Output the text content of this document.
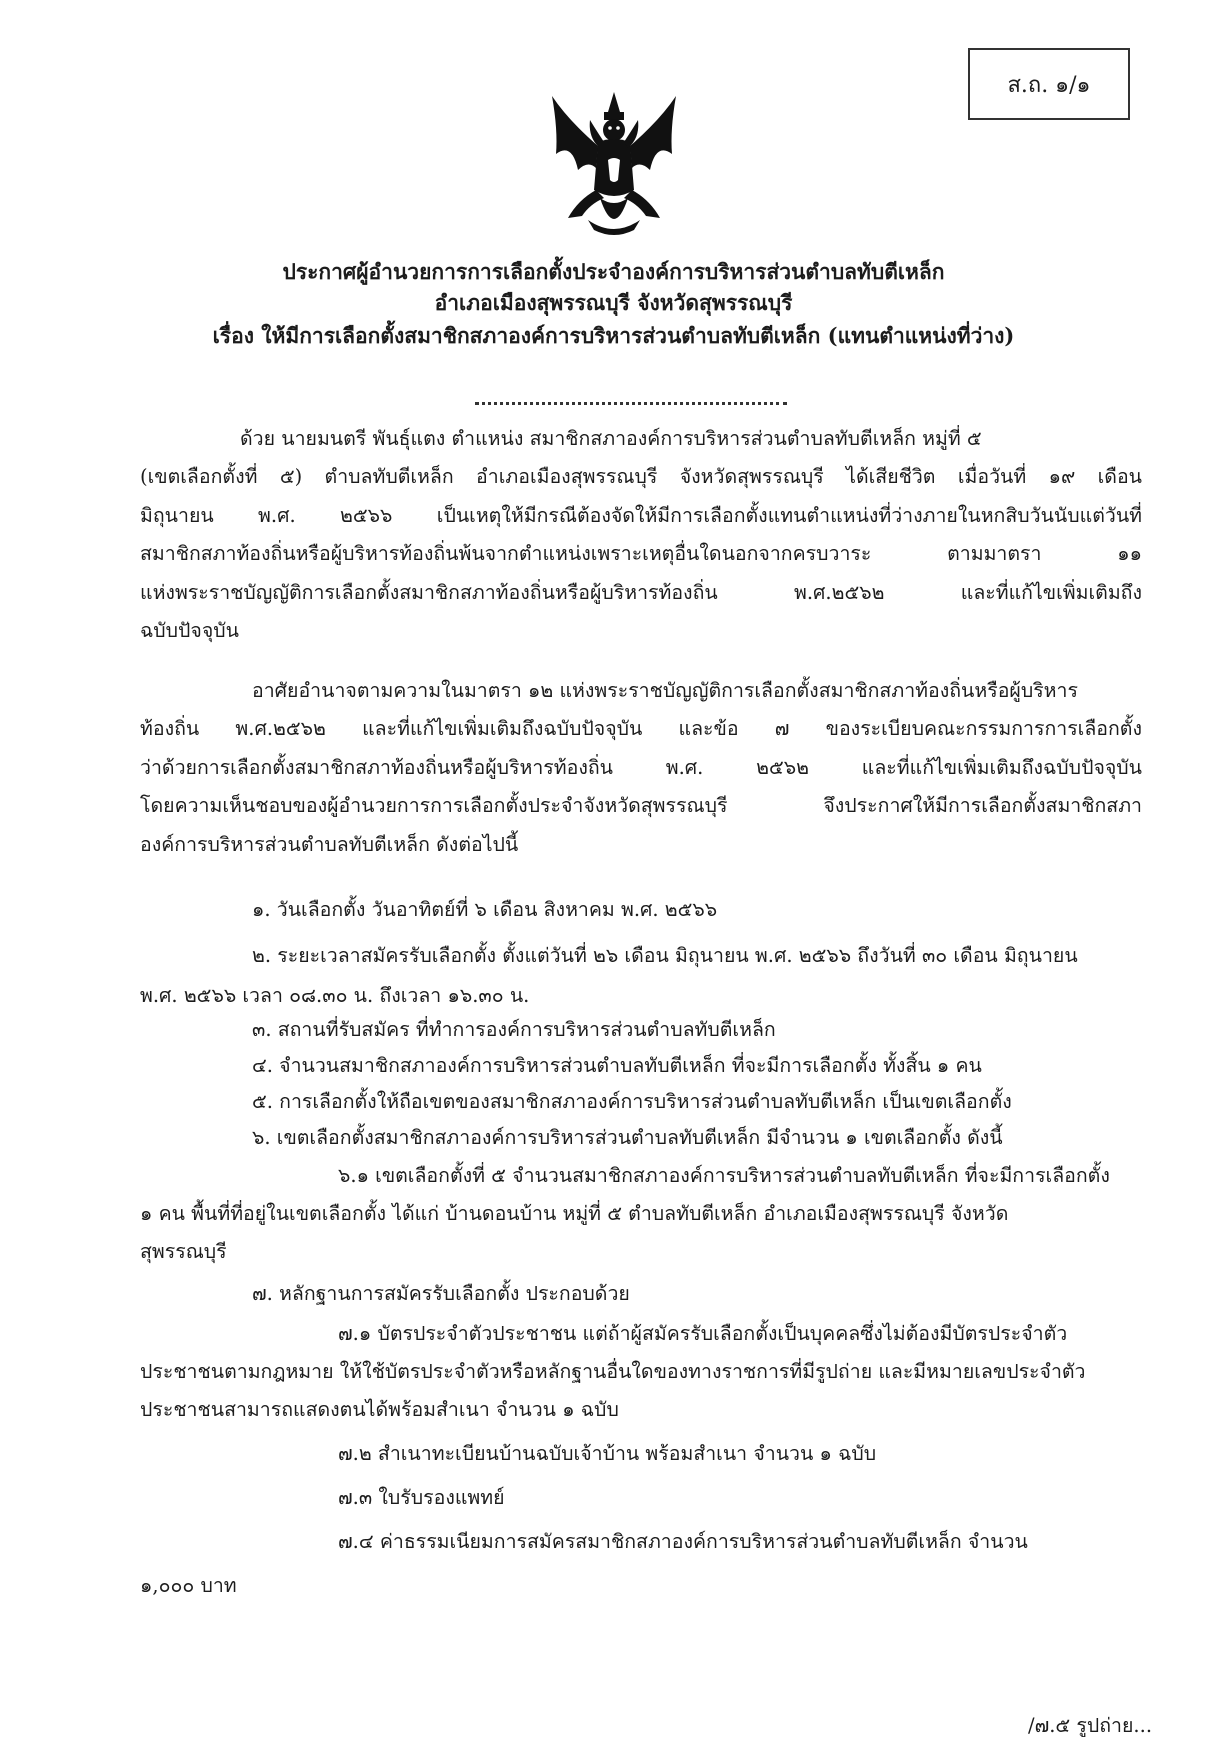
ส.ถ. ๑/๑
ประกาศผู้อำนวยการการเลือกตั้งประจำองค์การบริหารส่วนตำบลทับตีเหล็ก
อำเภอเมืองสุพรรณบุรี จังหวัดสุพรรณบุรี
เรื่อง ให้มีการเลือกตั้งสมาชิกสภาองค์การบริหารส่วนตำบลทับตีเหล็ก (แทนตำแหน่งที่ว่าง)
ด้วย นายมนตรี พันธุ์แตง ตำแหน่ง สมาชิกสภาองค์การบริหารส่วนตำบลทับตีเหล็ก หมู่ที่ ๕
(เขตเลือกตั้งที่ ๕) ตำบลทับตีเหล็ก อำเภอเมืองสุพรรณบุรี จังหวัดสุพรรณบุรี ได้เสียชีวิต เมื่อวันที่ ๑๙ เดือน
มิถุนายน พ.ศ. ๒๕๖๖ เป็นเหตุให้มีกรณีต้องจัดให้มีการเลือกตั้งแทนตำแหน่งที่ว่างภายในหกสิบวันนับแต่วันที่
สมาชิกสภาท้องถิ่นหรือผู้บริหารท้องถิ่นพ้นจากตำแหน่งเพราะเหตุอื่นใดนอกจากครบวาระ ตามมาตรา ๑๑
แห่งพระราชบัญญัติการเลือกตั้งสมาชิกสภาท้องถิ่นหรือผู้บริหารท้องถิ่น พ.ศ.๒๕๖๒ และที่แก้ไขเพิ่มเติมถึง
ฉบับปัจจุบัน
อาศัยอำนาจตามความในมาตรา ๑๒ แห่งพระราชบัญญัติการเลือกตั้งสมาชิกสภาท้องถิ่นหรือผู้บริหาร
ท้องถิ่น พ.ศ.๒๕๖๒ และที่แก้ไขเพิ่มเติมถึงฉบับปัจจุบัน และข้อ ๗ ของระเบียบคณะกรรมการการเลือกตั้ง
ว่าด้วยการเลือกตั้งสมาชิกสภาท้องถิ่นหรือผู้บริหารท้องถิ่น พ.ศ. ๒๕๖๒ และที่แก้ไขเพิ่มเติมถึงฉบับปัจจุบัน
โดยความเห็นชอบของผู้อำนวยการการเลือกตั้งประจำจังหวัดสุพรรณบุรี จึงประกาศให้มีการเลือกตั้งสมาชิกสภา
องค์การบริหารส่วนตำบลทับตีเหล็ก ดังต่อไปนี้
๑. วันเลือกตั้ง วันอาทิตย์ที่ ๖ เดือน สิงหาคม พ.ศ. ๒๕๖๖
๒. ระยะเวลาสมัครรับเลือกตั้ง ตั้งแต่วันที่ ๒๖ เดือน มิถุนายน พ.ศ. ๒๕๖๖ ถึงวันที่ ๓๐ เดือน มิถุนายน
พ.ศ. ๒๕๖๖ เวลา ๐๘.๓๐ น. ถึงเวลา ๑๖.๓๐ น.
๓. สถานที่รับสมัคร ที่ทำการองค์การบริหารส่วนตำบลทับตีเหล็ก
๔. จำนวนสมาชิกสภาองค์การบริหารส่วนตำบลทับตีเหล็ก ที่จะมีการเลือกตั้ง ทั้งสิ้น ๑ คน
๕. การเลือกตั้งให้ถือเขตของสมาชิกสภาองค์การบริหารส่วนตำบลทับตีเหล็ก เป็นเขตเลือกตั้ง
๖. เขตเลือกตั้งสมาชิกสภาองค์การบริหารส่วนตำบลทับตีเหล็ก มีจำนวน ๑ เขตเลือกตั้ง ดังนี้
๖.๑ เขตเลือกตั้งที่ ๕ จำนวนสมาชิกสภาองค์การบริหารส่วนตำบลทับตีเหล็ก ที่จะมีการเลือกตั้ง
๑ คน พื้นที่ที่อยู่ในเขตเลือกตั้ง ได้แก่ บ้านดอนบ้าน หมู่ที่ ๕ ตำบลทับตีเหล็ก อำเภอเมืองสุพรรณบุรี จังหวัด
สุพรรณบุรี
๗. หลักฐานการสมัครรับเลือกตั้ง ประกอบด้วย
๗.๑ บัตรประจำตัวประชาชน แต่ถ้าผู้สมัครรับเลือกตั้งเป็นบุคคลซึ่งไม่ต้องมีบัตรประจำตัว
ประชาชนตามกฎหมาย ให้ใช้บัตรประจำตัวหรือหลักฐานอื่นใดของทางราชการที่มีรูปถ่าย และมีหมายเลขประจำตัว
ประชาชนสามารถแสดงตนได้พร้อมสำเนา จำนวน ๑ ฉบับ
๗.๒ สำเนาทะเบียนบ้านฉบับเจ้าบ้าน พร้อมสำเนา จำนวน ๑ ฉบับ
๗.๓ ใบรับรองแพทย์
๗.๔ ค่าธรรมเนียมการสมัครสมาชิกสภาองค์การบริหารส่วนตำบลทับตีเหล็ก จำนวน
๑,๐๐๐ บาท
/๗.๕ รูปถ่าย...
